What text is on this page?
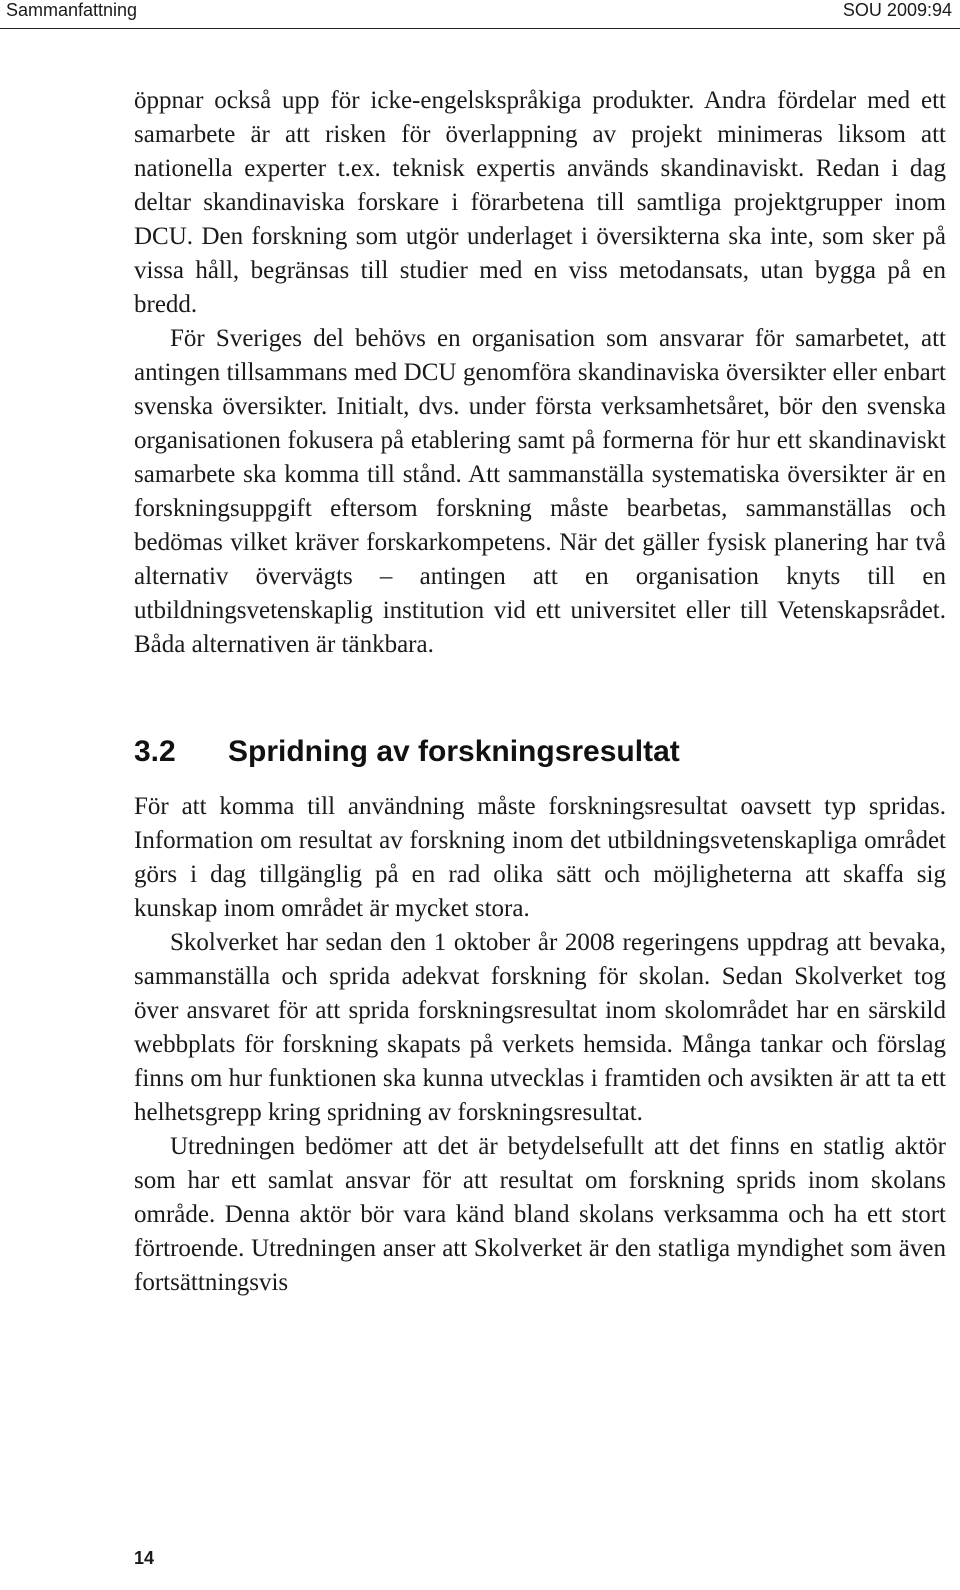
Sammanfattning	SOU 2009:94

öppnar också upp för icke-engelskspråkiga produkter. Andra fördelar med ett samarbete är att risken för överlappning av projekt minimeras liksom att nationella experter t.ex. teknisk expertis används skandinaviskt. Redan i dag deltar skandinaviska forskare i förarbetena till samtliga projektgrupper inom DCU. Den forskning som utgör underlaget i översikterna ska inte, som sker på vissa håll, begränsas till studier med en viss metodansats, utan bygga på en bredd.

För Sveriges del behövs en organisation som ansvarar för samarbetet, att antingen tillsammans med DCU genomföra skandinaviska översikter eller enbart svenska översikter. Initialt, dvs. under första verksamhetsåret, bör den svenska organisationen fokusera på etablering samt på formerna för hur ett skandinaviskt samarbete ska komma till stånd. Att sammanställa systematiska översikter är en forskningsuppgift eftersom forskning måste bearbetas, sammanställas och bedömas vilket kräver forskarkompetens. När det gäller fysisk planering har två alternativ övervägts – antingen att en organisation knyts till en utbildningsvetenskaplig institution vid ett universitet eller till Vetenskapsrådet. Båda alternativen är tänkbara.

3.2 Spridning av forskningsresultat

För att komma till användning måste forskningsresultat oavsett typ spridas. Information om resultat av forskning inom det utbildningsvetenskapliga området görs i dag tillgänglig på en rad olika sätt och möjligheterna att skaffa sig kunskap inom området är mycket stora.

Skolverket har sedan den 1 oktober år 2008 regeringens uppdrag att bevaka, sammanställa och sprida adekvat forskning för skolan. Sedan Skolverket tog över ansvaret för att sprida forskningsresultat inom skolområdet har en särskild webbplats för forskning skapats på verkets hemsida. Många tankar och förslag finns om hur funktionen ska kunna utvecklas i framtiden och avsikten är att ta ett helhetsgrepp kring spridning av forskningsresultat.

Utredningen bedömer att det är betydelsefullt att det finns en statlig aktör som har ett samlat ansvar för att resultat om forskning sprids inom skolans område. Denna aktör bör vara känd bland skolans verksamma och ha ett stort förtroende. Utredningen anser att Skolverket är den statliga myndighet som även fortsättningsvis

14
